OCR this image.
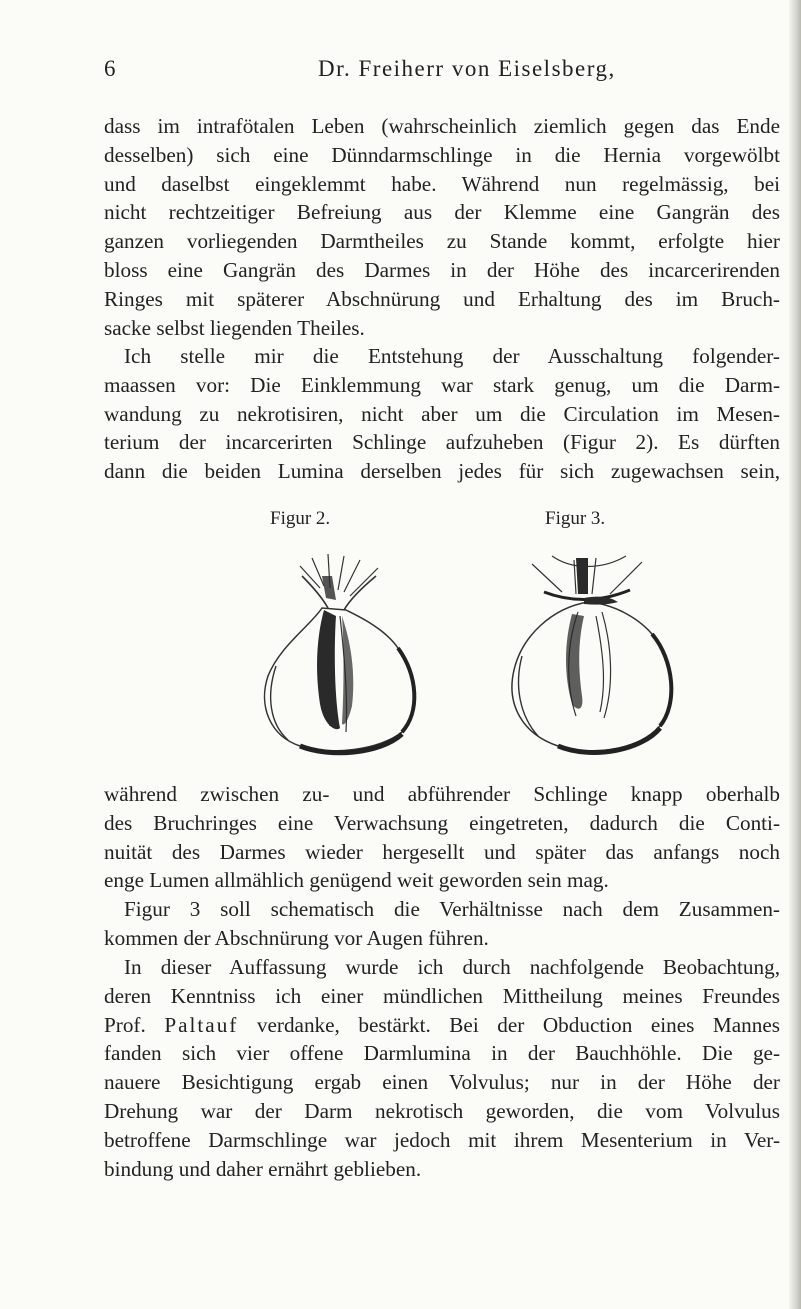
6	Dr. Freiherr von Eiselsberg,
dass im intrafötalen Leben (wahrscheinlich ziemlich gegen das Ende
desselben) sich eine Dünndarmschlinge in die Hernia vorgewölbt
und daselbst eingeklemmt habe. Während nun regelmässig, bei
nicht rechtzeitiger Befreiung aus der Klemme eine Gangrän des
ganzen vorliegenden Darmtheiles zu Stande kommt, erfolgte hier
bloss eine Gangrän des Darmes in der Höhe des incarcerirenden
Ringes mit späterer Abschnürung und Erhaltung des im Bruch-
sacke selbst liegenden Theiles.
Ich stelle mir die Entstehung der Ausschaltung folgender-
maassen vor: Die Einklemmung war stark genug, um die Darm-
wandung zu nekrotisiren, nicht aber um die Circulation im Mesen-
terium der incarcerirten Schlinge aufzuheben (Figur 2). Es dürften
dann die beiden Lumina derselben jedes für sich zugewachsen sein,
Figur 2.	Figur 3.
während zwischen zu- und abführender Schlinge knapp oberhalb
des Bruchringes eine Verwachsung eingetreten, dadurch die Conti-
nuität des Darmes wieder hergesellt und später das anfangs noch
enge Lumen allmählich genügend weit geworden sein mag.
Figur 3 soll schematisch die Verhältnisse nach dem Zusammen-
kommen der Abschnürung vor Augen führen.
In dieser Auffassung wurde ich durch nachfolgende Beobachtung,
deren Kenntniss ich einer mündlichen Mittheilung meines Freundes
Prof. Paltauf verdanke, bestärkt. Bei der Obduction eines Mannes
fanden sich vier offene Darmlumina in der Bauchhöhle. Die ge-
nauere Besichtigung ergab einen Volvulus; nur in der Höhe der
Drehung war der Darm nekrotisch geworden, die vom Volvulus
betroffene Darmschlinge war jedoch mit ihrem Mesenterium in Ver-
bindung und daher ernährt geblieben.
